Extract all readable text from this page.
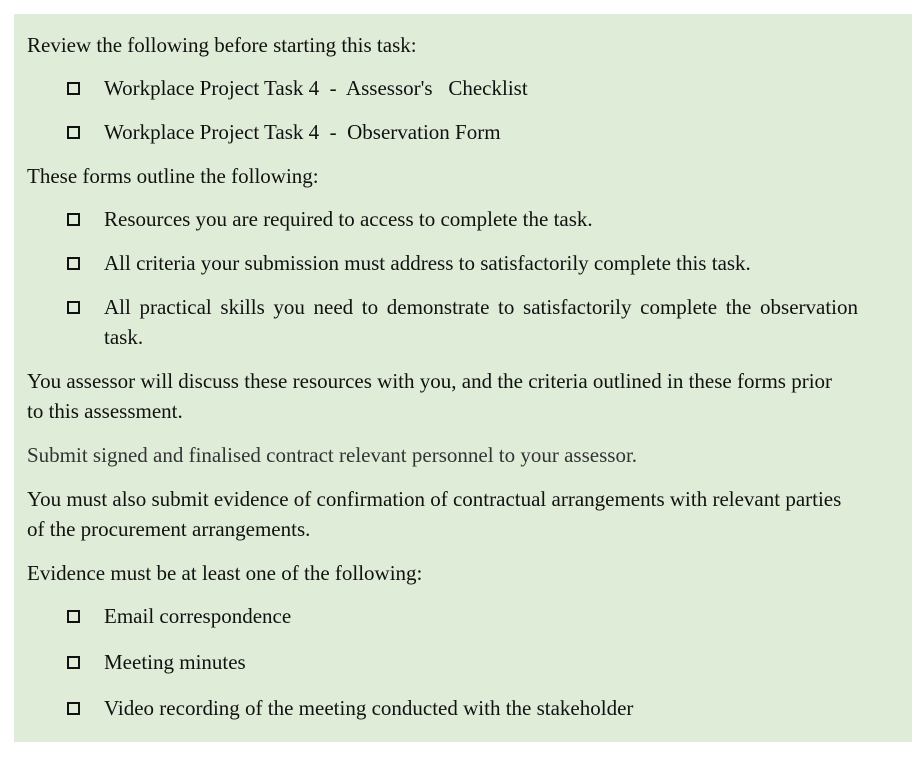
Review the following before starting this task:
Workplace Project Task 4  -  Assessor's   Checklist
Workplace Project Task 4  -  Observation Form
These forms outline the following:
Resources you are required to access to complete the task.
All criteria your submission must address to satisfactorily complete this task.
All practical skills you need to demonstrate to satisfactorily complete the observation task.
You assessor will discuss these resources with you, and the criteria outlined in these forms prior to this assessment.
Submit signed and finalised contract relevant personnel to your assessor.
You must also submit evidence of confirmation of contractual arrangements with relevant parties of the procurement arrangements.
Evidence must be at least one of the following:
Email correspondence
Meeting minutes
Video recording of the meeting conducted with the stakeholder
